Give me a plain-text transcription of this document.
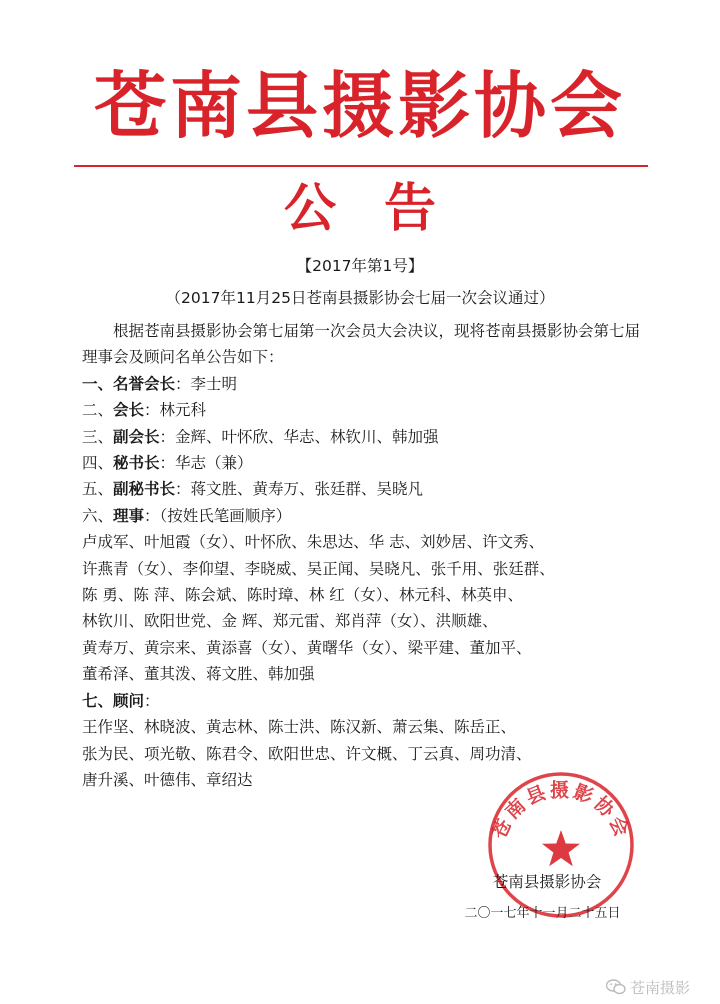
苍南县摄影协会
公告
【2017年第1号】
（2017年11月25日苍南县摄影协会七届一次会议通过）

根据苍南县摄影协会第七届第一次会员大会决议，现将苍南县摄影协会第七届理事会及顾问名单公告如下：

一、名誉会长：李士明

二、会长：林元科

三、副会长：金辉、叶怀欣、华志、林钦川、韩加强

四、秘书长：华志（兼）

五、副秘书长：蒋文胜、黄寿万、张廷群、吴晓凡

六、理事：（按姓氏笔画顺序）

卢成军、叶旭霞（女）、叶怀欣、朱思达、华 志、刘妙居、许文秀、

许燕青（女）、李仰望、李晓威、吴正闻、吴晓凡、张千用、张廷群、

陈 勇、陈 萍、陈会斌、陈时璋、林 红（女）、林元科、林英申、

林钦川、欧阳世党、金 辉、郑元雷、郑肖萍（女）、洪顺雄、

黄寿万、黄宗来、黄添喜（女）、黄曙华（女）、梁平建、董加平、

董希泽、董其泼、蒋文胜、韩加强

七、顾问：

王作坚、林晓波、黄志林、陈士洪、陈汉新、萧云集、陈岳正、

张为民、项光敬、陈君令、欧阳世忠、许文概、丁云真、周功清、

唐升溪、叶德伟、章绍达

苍南县摄影协会
苍南县摄影协会
二〇一七年十一月二十五日
苍南摄影
